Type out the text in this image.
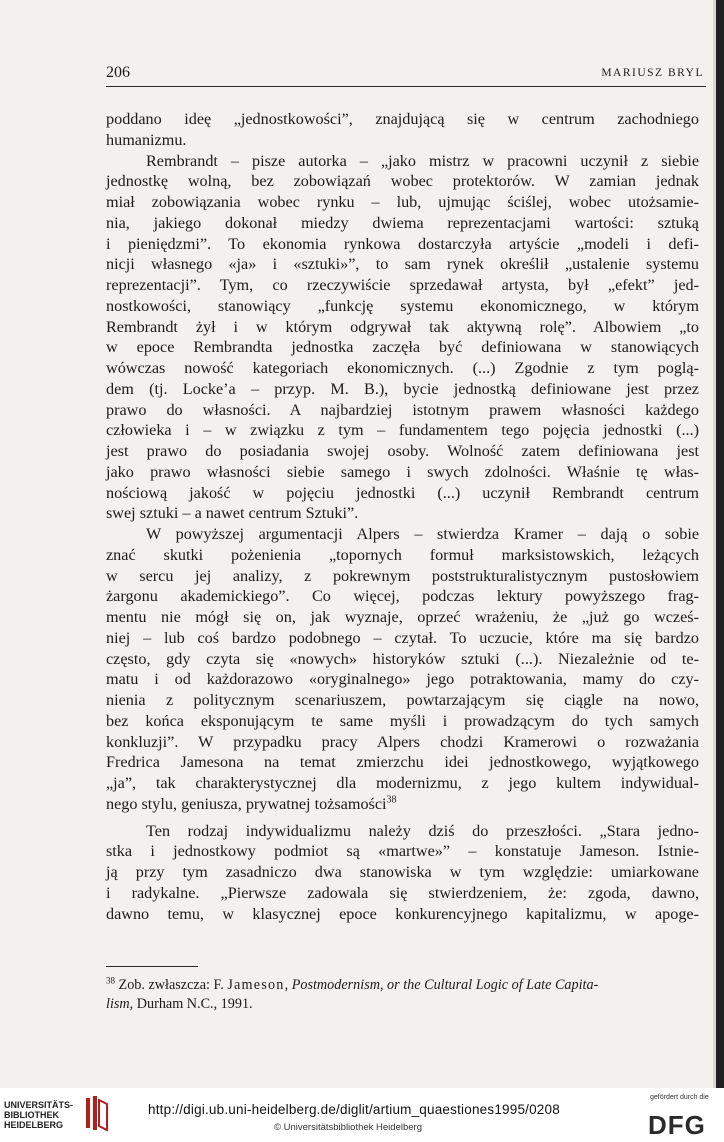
206	MARIUSZ BRYL
poddano ideę „jednostkowości”, znajdującą się w centrum zachodniego
humanizmu.
Rembrandt – pisze autorka – „jako mistrz w pracowni uczynił z siebie
jednostkę wolną, bez zobowiązań wobec protektorów. W zamian jednak
miał zobowiązania wobec rynku – lub, ujmując ściślej, wobec utożsamie-
nia, jakiego dokonał miedzy dwiema reprezentacjami wartości: sztuką
i pieniędzmi”. To ekonomia rynkowa dostarczyła artyście „modeli i defi-
nicji własnego «ja» i «sztuki»”, to sam rynek określił „ustalenie systemu
reprezentacji”. Tym, co rzeczywiście sprzedawał artysta, był „efekt” jed-
nostkowości, stanowiący „funkcję systemu ekonomicznego, w którym
Rembrandt żył i w którym odgrywał tak aktywną rolę”. Albowiem „to
w epoce Rembrandta jednostka zaczęła być definiowana w stanowiących
wówczas nowość kategoriach ekonomicznych. (...) Zgodnie z tym poglą-
dem (tj. Locke’a – przyp. M. B.), bycie jednostką definiowane jest przez
prawo do własności. A najbardziej istotnym prawem własności każdego
człowieka i – w związku z tym – fundamentem tego pojęcia jednostki (...)
jest prawo do posiadania swojej osoby. Wolność zatem definiowana jest
jako prawo własności siebie samego i swych zdolności. Właśnie tę włas-
nościową jakość w pojęciu jednostki (...) uczynił Rembrandt centrum
swej sztuki – a nawet centrum Sztuki”.
W powyższej argumentacji Alpers – stwierdza Kramer – dają o sobie
znać skutki pożenienia „topornych formuł marksistowskich, leżących
w sercu jej analizy, z pokrewnym poststrukturalistycznym pustosłowiem
żargonu akademickiego”. Co więcej, podczas lektury powyższego frag-
mentu nie mógł się on, jak wyznaje, oprzeć wrażeniu, że „już go wcześ-
niej – lub coś bardzo podobnego – czytał. To uczucie, które ma się bardzo
często, gdy czyta się «nowych» historyków sztuki (...). Niezależnie od te-
matu i od każdorazowo «oryginalnego» jego potraktowania, mamy do czy-
nienia z politycznym scenariuszem, powtarzającym się ciągle na nowo,
bez końca eksponującym te same myśli i prowadzącym do tych samych
konkluzji”. W przypadku pracy Alpers chodzi Kramerowi o rozważania
Fredrica Jamesona na temat zmierzchu idei jednostkowego, wyjątkowego
„ja”, tak charakterystycznej dla modernizmu, z jego kultem indywidual-
nego stylu, geniusza, prywatnej tożsamości$^{38}$
Ten rodzaj indywidualizmu należy dziś do przeszłości. „Stara jedno-
stka i jednostkowy podmiot są «martwe»” – konstatuje Jameson. Istnie-
ją przy tym zasadniczo dwa stanowiska w tym względzie: umiarkowane
i radykalne. „Pierwsze zadowala się stwierdzeniem, że: zgoda, dawno,
dawno temu, w klasycznej epoce konkurencyjnego kapitalizmu, w apoge-
$^{38}$ Zob. zwłaszcza: F. Jameson, Postmodernism, or the Cultural Logic of Late Capita-
lism, Durham N.C., 1991.
UNIVERSITÄTS-
BIBLIOTHEK
HEIDELBERG
http://digi.ub.uni-heidelberg.de/diglit/artium_quaestiones1995/0208
© Universitätsbibliothek Heidelberg
gefördert durch die
DFG
